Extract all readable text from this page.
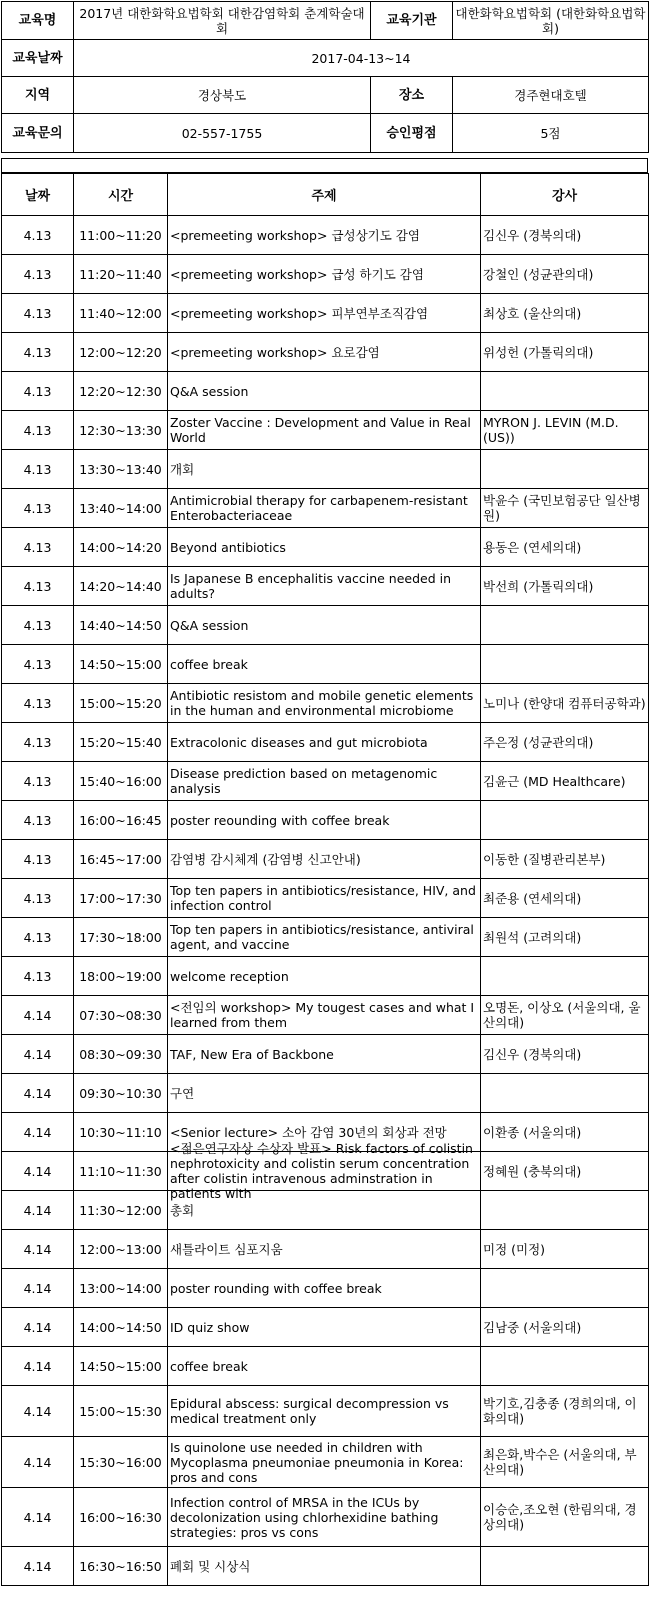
교육명	2017년 대한화학요법학회 대한감염학회 춘계학술대회	교육기관	대한화학요법학회 (대한화학요법학회)
교육날짜	2017-04-13~14		
지역	경상북도	장소	경주현대호텔
교육문의	02-557-1755	승인평점	5점
날짜	시간	주제	강사
4.13	11:00~11:20	<premeeting workshop> 급성상기도 감염	김신우 (경북의대)
4.13	11:20~11:40	<premeeting workshop> 급성 하기도 감염	강철인 (성균관의대)
4.13	11:40~12:00	<premeeting workshop> 피부연부조직감염	최상호 (울산의대)
4.13	12:00~12:20	<premeeting workshop> 요로감염	위성헌 (가톨릭의대)
4.13	12:20~12:30	Q&A session	
4.13	12:30~13:30	Zoster Vaccine : Development and Value in Real World	MYRON J. LEVIN (M.D.(US))
4.13	13:30~13:40	개회	
4.13	13:40~14:00	Antimicrobial therapy for carbapenem-resistant Enterobacteriaceae	박윤수 (국민보험공단 일산병원)
4.13	14:00~14:20	Beyond antibiotics	용동은 (연세의대)
4.13	14:20~14:40	Is Japanese B encephalitis vaccine needed in adults?	박선희 (가톨릭의대)
4.13	14:40~14:50	Q&A session	
4.13	14:50~15:00	coffee break	
4.13	15:00~15:20	Antibiotic resistom and mobile genetic elements in the human and environmental microbiome	노미나 (한양대 컴퓨터공학과)
4.13	15:20~15:40	Extracolonic diseases and gut microbiota	주은정 (성균관의대)
4.13	15:40~16:00	Disease prediction based on metagenomic analysis	김윤근 (MD Healthcare)
4.13	16:00~16:45	poster reounding with coffee break	
4.13	16:45~17:00	감염병 감시체계 (감염병 신고안내)	이동한 (질병관리본부)
4.13	17:00~17:30	Top ten papers in antibiotics/resistance, HIV, and infection control	최준용 (연세의대)
4.13	17:30~18:00	Top ten papers in antibiotics/resistance, antiviral agent, and vaccine	최원석 (고려의대)
4.13	18:00~19:00	welcome reception	
4.14	07:30~08:30	<전임의 workshop> My tougest cases and what I learned from them	오명돈, 이상오 (서울의대, 울산의대)
4.14	08:30~09:30	TAF, New Era of Backbone	김신우 (경북의대)
4.14	09:30~10:30	구연	
4.14	10:30~11:10	<Senior lecture> 소아 감염 30년의 회상과 전망	이환종 (서울의대)
4.14	11:10~11:30	<젊은연구자상 수상자 발표> Risk factors of colistin nephrotoxicity and colistin serum concentration after colistin intravenous adminstration in patients with	정혜원 (충북의대)
4.14	11:30~12:00	총회	
4.14	12:00~13:00	새틀라이트 심포지움	미정 (미정)
4.14	13:00~14:00	poster rounding with coffee break	
4.14	14:00~14:50	ID quiz show	김남중 (서울의대)
4.14	14:50~15:00	coffee break	
4.14	15:00~15:30	Epidural abscess: surgical decompression vs medical treatment only	박기호,김충종 (경희의대, 이화의대)
4.14	15:30~16:00	Is quinolone use needed in children with Mycoplasma pneumoniae pneumonia in Korea: pros and cons	최은화,박수은 (서울의대, 부산의대)
4.14	16:00~16:30	Infection control of MRSA in the ICUs by decolonization using chlorhexidine bathing strategies: pros vs cons	이승순,조오현 (한림의대, 경상의대)
4.14	16:30~16:50	폐회 및 시상식	
